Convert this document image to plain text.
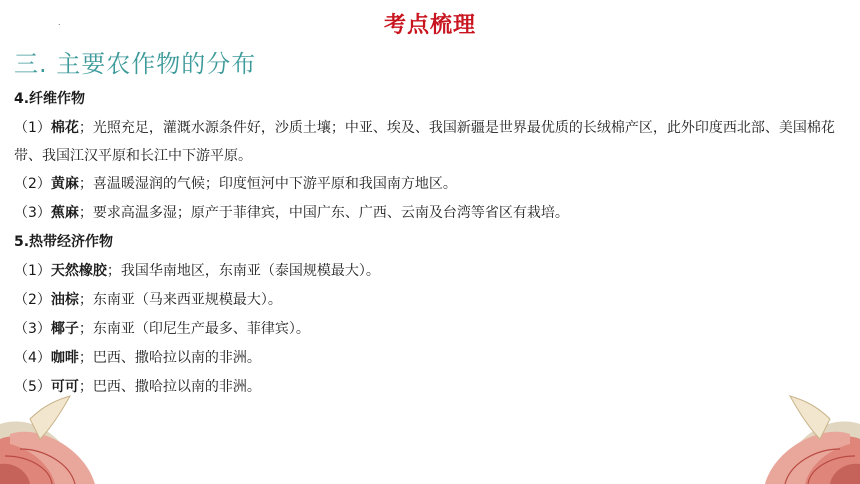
.	考点梳理
三. 主要农作物的分布
4.纤维作物
（1）棉花；光照充足，灌溉水源条件好，沙质土壤；中亚、埃及、我国新疆是世界最优质的长绒棉产区，此外印度西北部、美国棉花带、我国江汉平原和长江中下游平原。
（2）黄麻；喜温暖湿润的气候；印度恒河中下游平原和我国南方地区。
（3）蕉麻；要求高温多湿；原产于菲律宾，中国广东、广西、云南及台湾等省区有栽培。
5.热带经济作物
（1）天然橡胶；我国华南地区，东南亚（泰国规模最大）。
（2）油棕；东南亚（马来西亚规模最大）。
（3）椰子；东南亚（印尼生产最多、菲律宾）。
（4）咖啡；巴西、撒哈拉以南的非洲。
（5）可可；巴西、撒哈拉以南的非洲。
